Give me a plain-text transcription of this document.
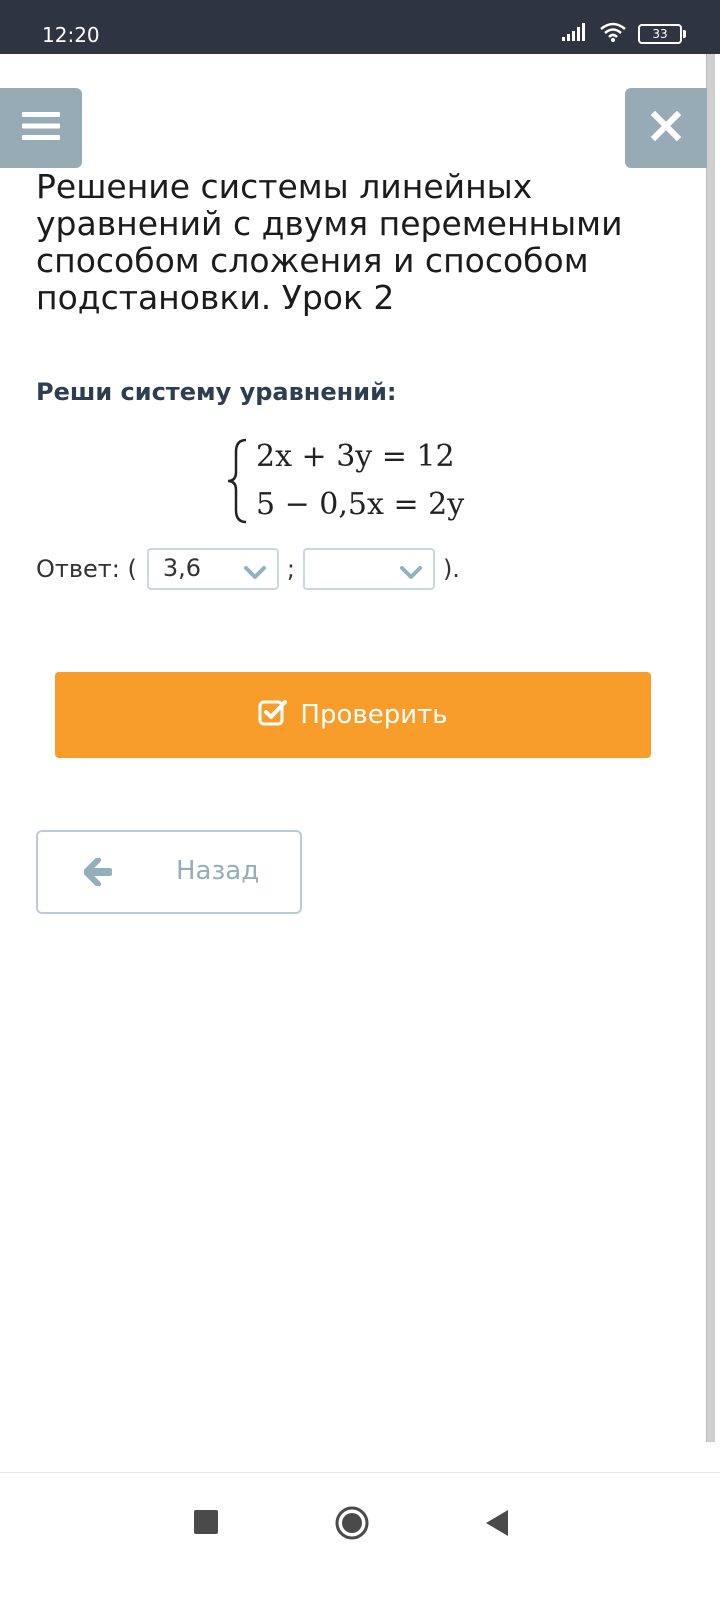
12:20	33
Решение системы линейных уравнений с двумя переменными способом сложения и способом подстановки. Урок 2
Реши систему уравнений:
2x + 3y = 12
5 − 0,5x = 2y
Ответ: ( 3,6	;	).
Проверить
Назад
